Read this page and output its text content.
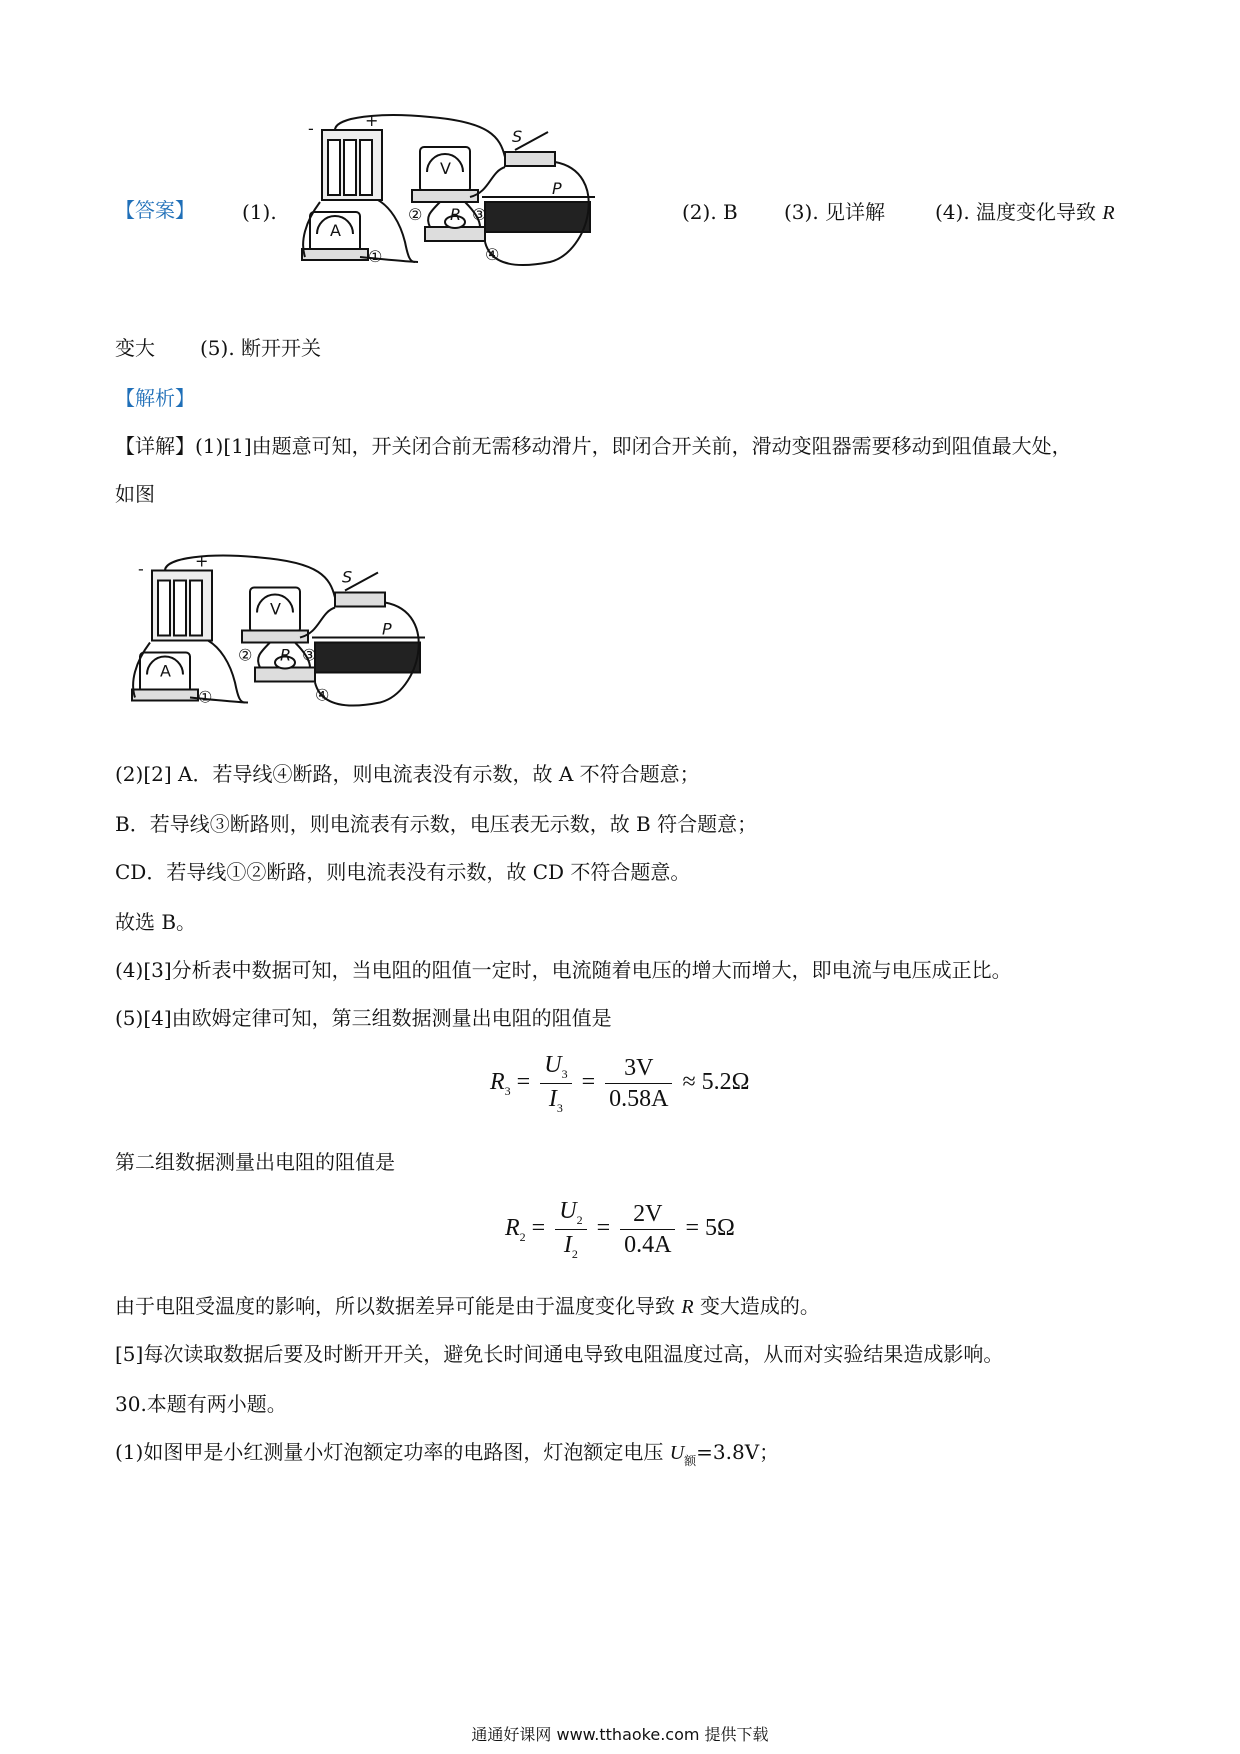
【答案】 (1).
-	+
V
A
S
P
R
①
②	③
④
(2). B (3). 见详解 (4). 温度变化导致 R
变大 (5). 断开开关
【解析】
【详解】(1)[1]由题意可知，开关闭合前无需移动滑片，即闭合开关前，滑动变阻器需要移动到阻值最大处，
如图
-	+
V
A
S
P
R
①
②	③
④
(2)[2] A．若导线④断路，则电流表没有示数，故 A 不符合题意；
B．若导线③断路则，则电流表有示数，电压表无示数，故 B 符合题意；
CD．若导线①②断路，则电流表没有示数，故 CD 不符合题意。
故选 B。
(4)[3]分析表中数据可知，当电阻的阻值一定时，电流随着电压的增大而增大，即电流与电压成正比。
(5)[4]由欧姆定律可知，第三组数据测量出电阻的阻值是
$R_3 = \frac{U_3}{I_3} = \frac{3V}{0.58A} \approx 5.2\Omega$
第二组数据测量出电阻的阻值是
$R_2 = \frac{U_2}{I_2} = \frac{2V}{0.4A} = 5\Omega$
由于电阻受温度的影响，所以数据差异可能是由于温度变化导致 R 变大造成的。
[5]每次读取数据后要及时断开开关，避免长时间通电导致电阻温度过高，从而对实验结果造成影响。
30.本题有两小题。
(1)如图甲是小红测量小灯泡额定功率的电路图，灯泡额定电压 $U_额=3.8V$；
通通好课网 www.tthaoke.com 提供下载
